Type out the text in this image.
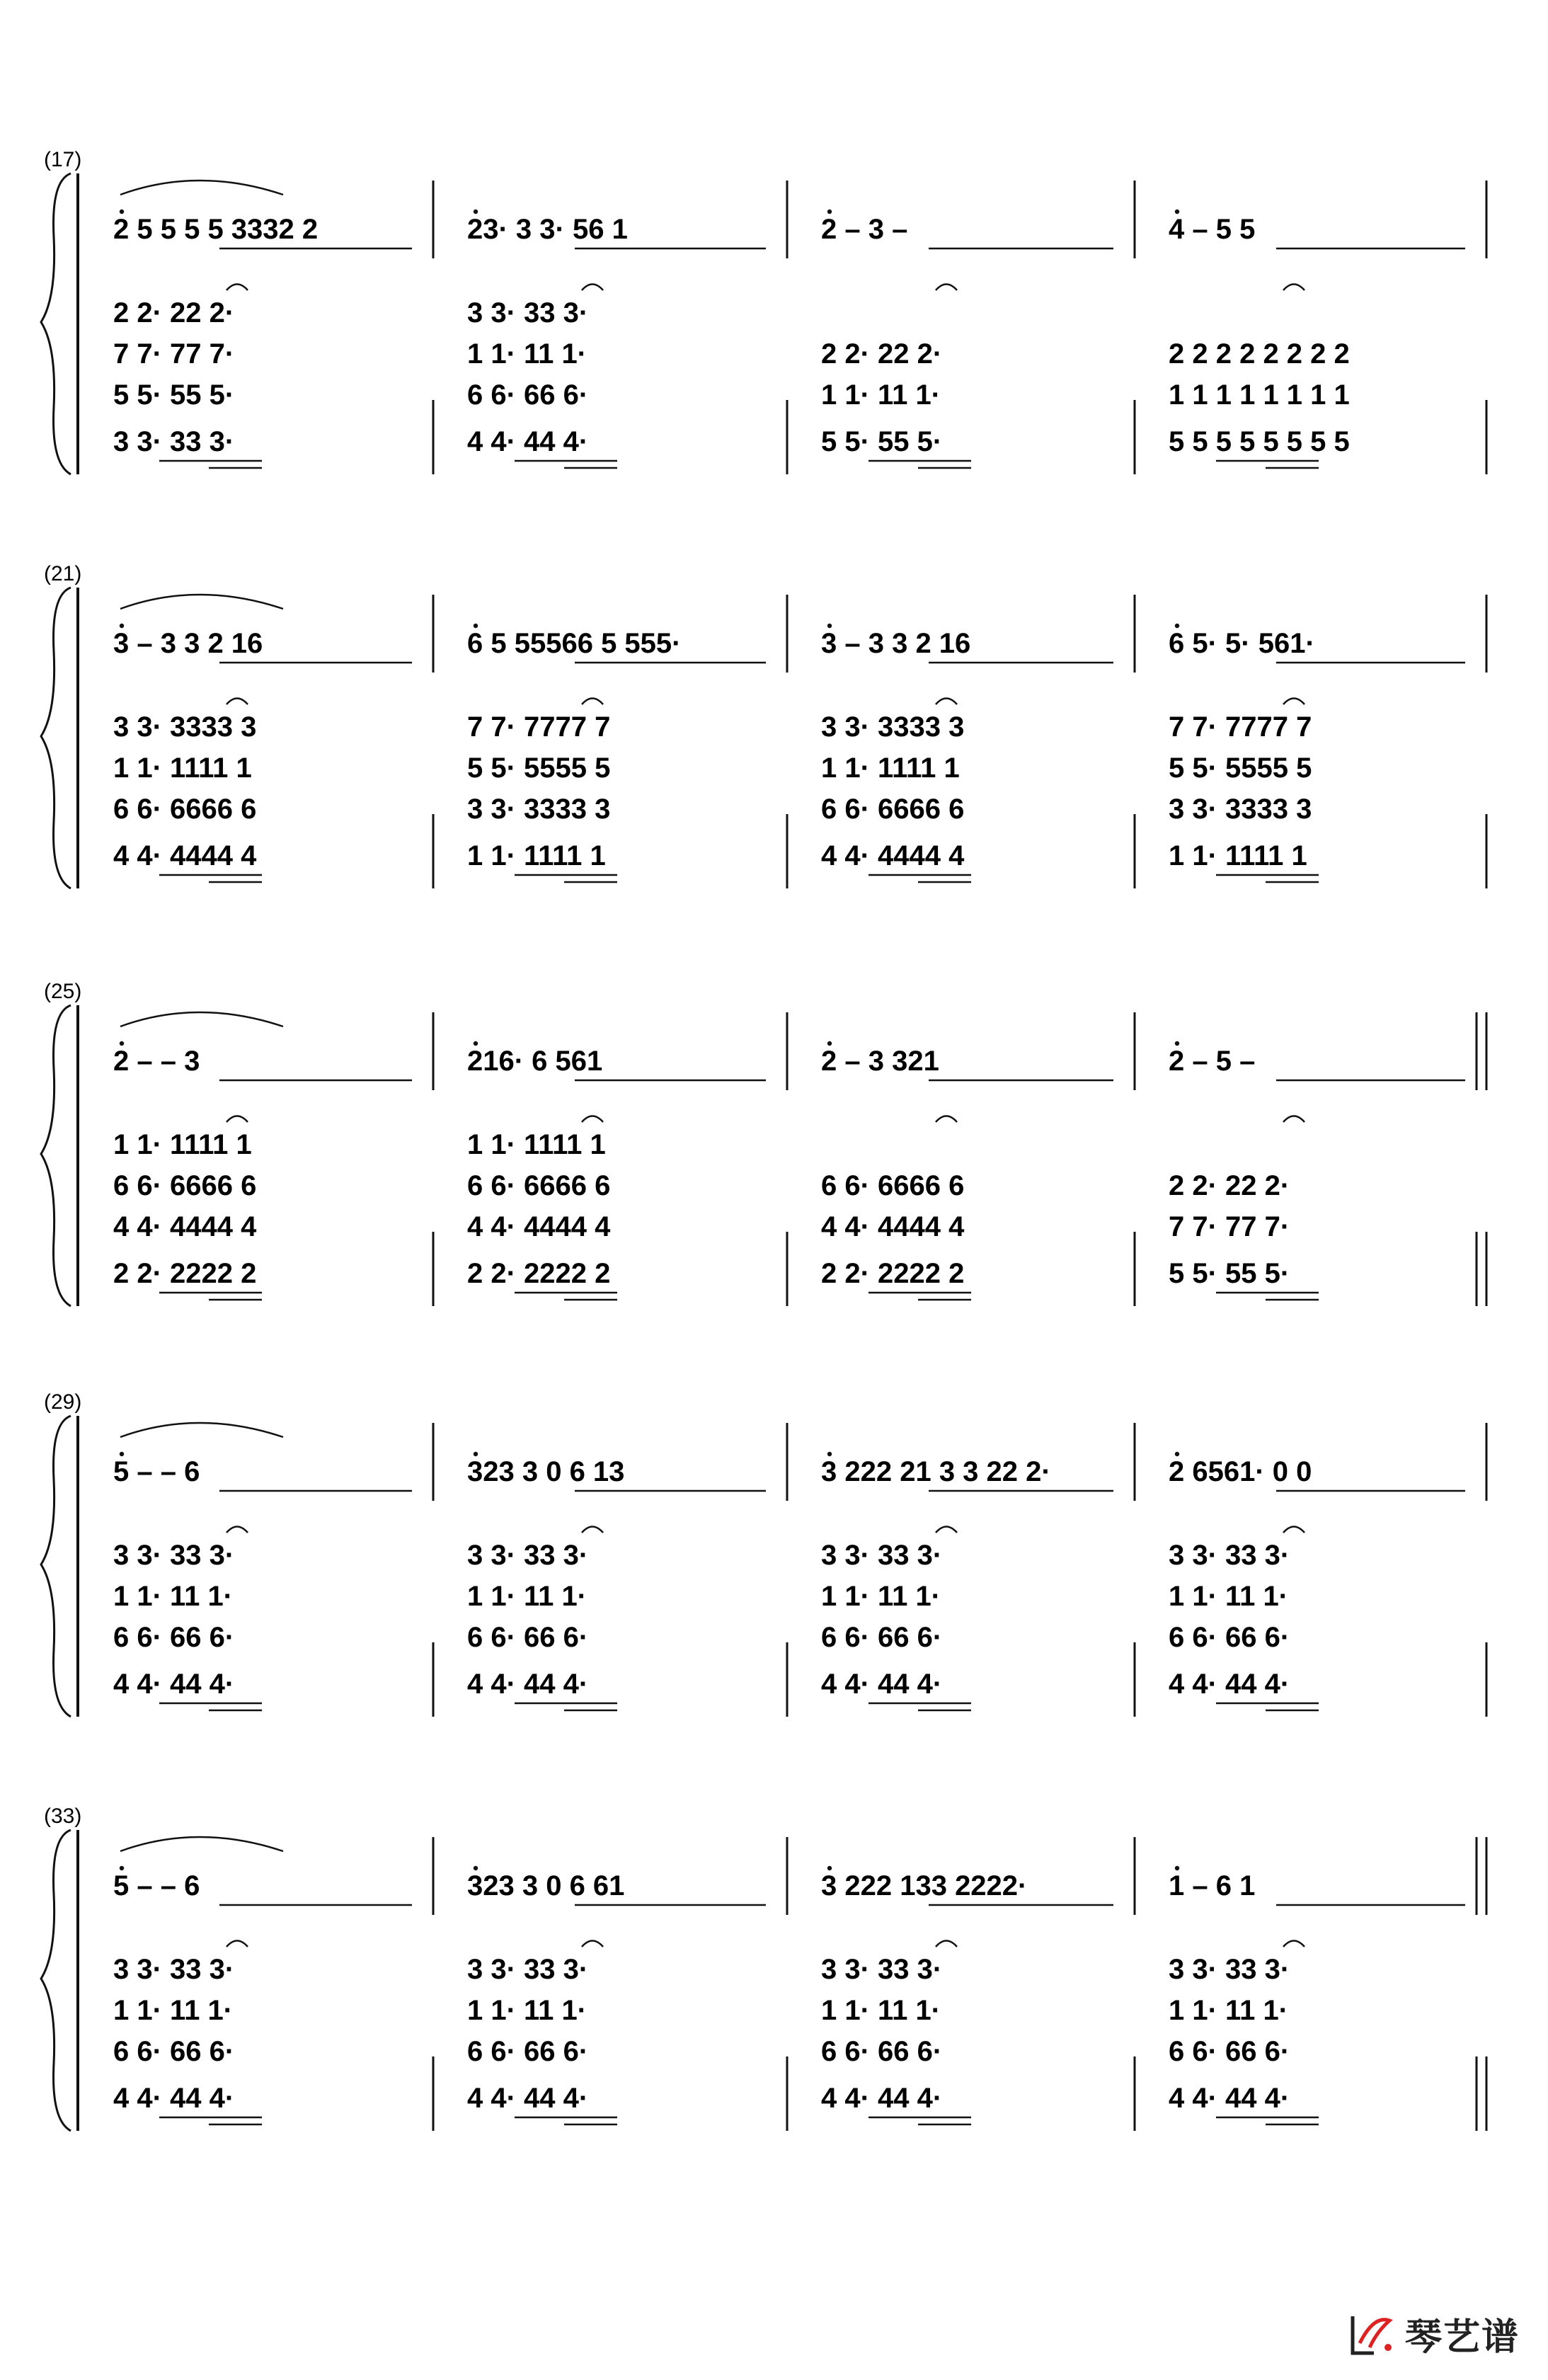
(17)
2 5 5 5 5 3332 2
2 2· 22 2·
7 7· 77 7·
5 5· 55 5·
3 3· 33 3·
23· 3 3· 56 1
3 3· 33 3·
1 1· 11 1·
6 6· 66 6·
4 4· 44 4·
2 – 3 –
2 2· 22 2·
1 1· 11 1·
5 5· 55 5·
4 – 5 5
2 2 2 2 2 2 2 2
1 1 1 1 1 1 1 1
5 5 5 5 5 5 5 5
(21)
3 – 3 3 2 16
3 3· 3333 3
1 1· 1111 1
6 6· 6666 6
4 4· 4444 4
6 5 55566 5 555·
7 7· 7777 7
5 5· 5555 5
3 3· 3333 3
1 1· 1111 1
3 – 3 3 2 16
3 3· 3333 3
1 1· 1111 1
6 6· 6666 6
4 4· 4444 4
6 5· 5· 561·
7 7· 7777 7
5 5· 5555 5
3 3· 3333 3
1 1· 1111 1
(25)
2 – – 3
1 1· 1111 1
6 6· 6666 6
4 4· 4444 4
2 2· 2222 2
216· 6 561
1 1· 1111 1
6 6· 6666 6
4 4· 4444 4
2 2· 2222 2
2 – 3 321
6 6· 6666 6
4 4· 4444 4
2 2· 2222 2
2 – 5 –
2 2· 22 2·
7 7· 77 7·
5 5· 55 5·
(29)
5 – – 6
3 3· 33 3·
1 1· 11 1·
6 6· 66 6·
4 4· 44 4·
323 3 0 6 13
3 3· 33 3·
1 1· 11 1·
6 6· 66 6·
4 4· 44 4·
3 222 21 3 3 22 2·
3 3· 33 3·
1 1· 11 1·
6 6· 66 6·
4 4· 44 4·
2 6561· 0 0
3 3· 33 3·
1 1· 11 1·
6 6· 66 6·
4 4· 44 4·
(33)
5 – – 6
3 3· 33 3·
1 1· 11 1·
6 6· 66 6·
4 4· 44 4·
323 3 0 6 61
3 3· 33 3·
1 1· 11 1·
6 6· 66 6·
4 4· 44 4·
3 222 133 2222·
3 3· 33 3·
1 1· 11 1·
6 6· 66 6·
4 4· 44 4·
1 – 6 1
3 3· 33 3·
1 1· 11 1·
6 6· 66 6·
4 4· 44 4·
琴艺谱
